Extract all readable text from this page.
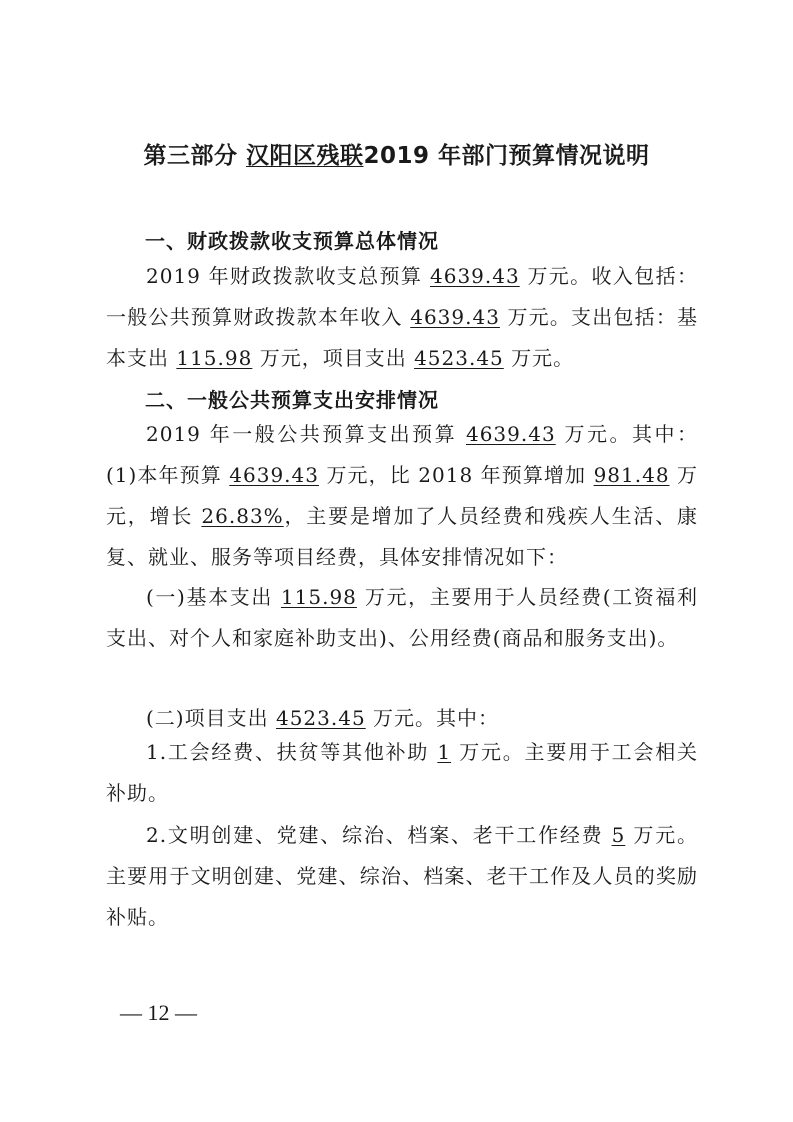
第三部分 汉阳区残联2019 年部门预算情况说明
一、财政拨款收支预算总体情况
2019 年财政拨款收支总预算 4639.43 万元。收入包括：一般公共预算财政拨款本年收入 4639.43 万元。支出包括：基本支出 115.98 万元，项目支出 4523.45 万元。
二、一般公共预算支出安排情况
2019 年一般公共预算支出预算 4639.43 万元。其中：(1)本年预算 4639.43 万元，比 2018 年预算增加 981.48 万元，增长 26.83%，主要是增加了人员经费和残疾人生活、康复、就业、服务等项目经费，具体安排情况如下：
(一)基本支出 115.98 万元，主要用于人员经费(工资福利支出、对个人和家庭补助支出)、公用经费(商品和服务支出)。
(二)项目支出 4523.45 万元。其中：
1.工会经费、扶贫等其他补助 1 万元。主要用于工会相关补助。
2.文明创建、党建、综治、档案、老干工作经费 5 万元。主要用于文明创建、党建、综治、档案、老干工作及人员的奖励补贴。
— 12 —
